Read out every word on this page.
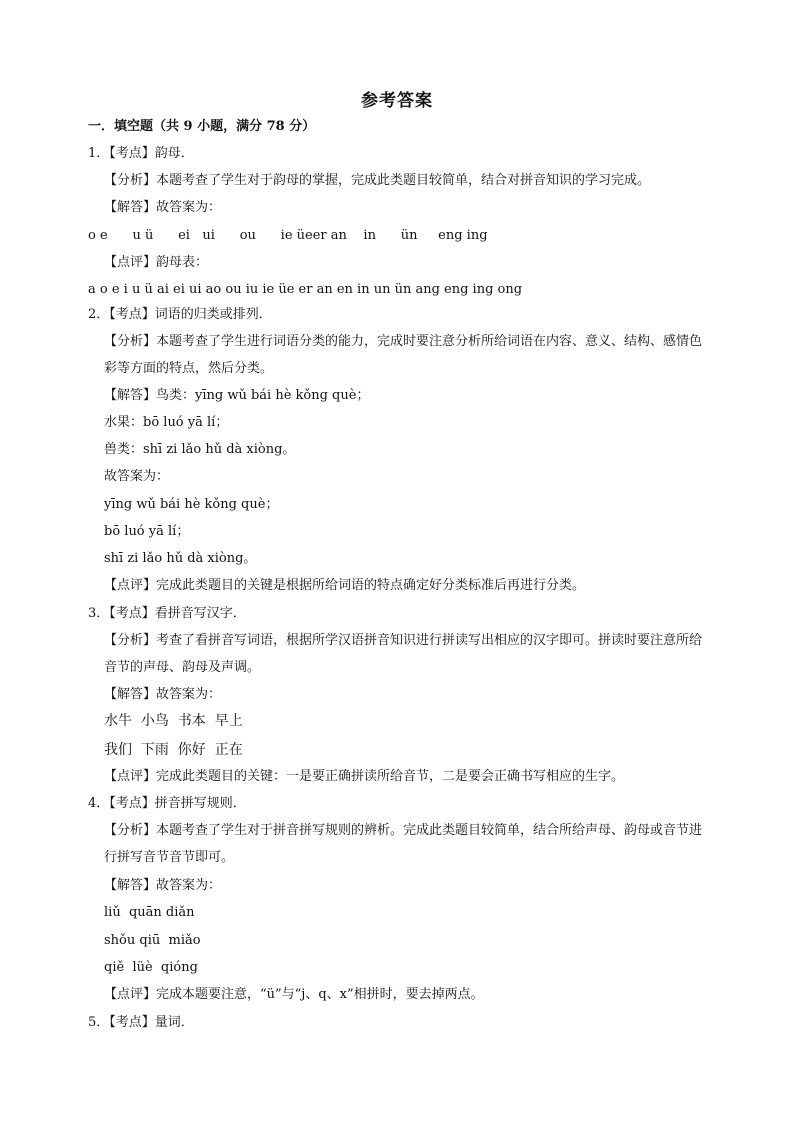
参考答案
一．填空题（共 9 小题，满分 78 分）
1．【考点】韵母．
【分析】本题考查了学生对于韵母的掌握，完成此类题目较简单，结合对拼音知识的学习完成。
【解答】故答案为：
o e      u ü      ei   ui      ou      ie üeer an    in      ün     eng ing
【点评】韵母表：
a o e i u ü ai ei ui ao ou iu ie üe er an en in un ün ang eng ing ong
2．【考点】词语的归类或排列．
【分析】本题考查了学生进行词语分类的能力，完成时要注意分析所给词语在内容、意义、结构、感情色彩等方面的特点，然后分类。
【解答】鸟类：yīng wǔ bái hè kǒng què；
水果：bō luó yā lí；
兽类：shī zi lǎo hǔ dà xiòng。
故答案为：
yīng wǔ bái hè kǒng què；
bō luó yā lí；
shī zi lǎo hǔ dà xiòng。
【点评】完成此类题目的关键是根据所给词语的特点确定好分类标准后再进行分类。
3．【考点】看拼音写汉字．
【分析】考查了看拼音写词语，根据所学汉语拼音知识进行拼读写出相应的汉字即可。拼读时要注意所给音节的声母、韵母及声调。
【解答】故答案为：
水牛  小鸟  书本  早上
我们  下雨  你好  正在
【点评】完成此类题目的关键：一是要正确拼读所给音节，二是要会正确书写相应的生字。
4．【考点】拼音拼写规则．
【分析】本题考查了学生对于拼音拼写规则的辨析。完成此类题目较简单，结合所给声母、韵母或音节进行拼写音节音节即可。
【解答】故答案为：
liǔ  quān diǎn
shǒu qiū  miǎo
qiě  lüè  qióng
【点评】完成本题要注意，“ü”与“j、q、x”相拼时，要去掉两点。
5．【考点】量词．
